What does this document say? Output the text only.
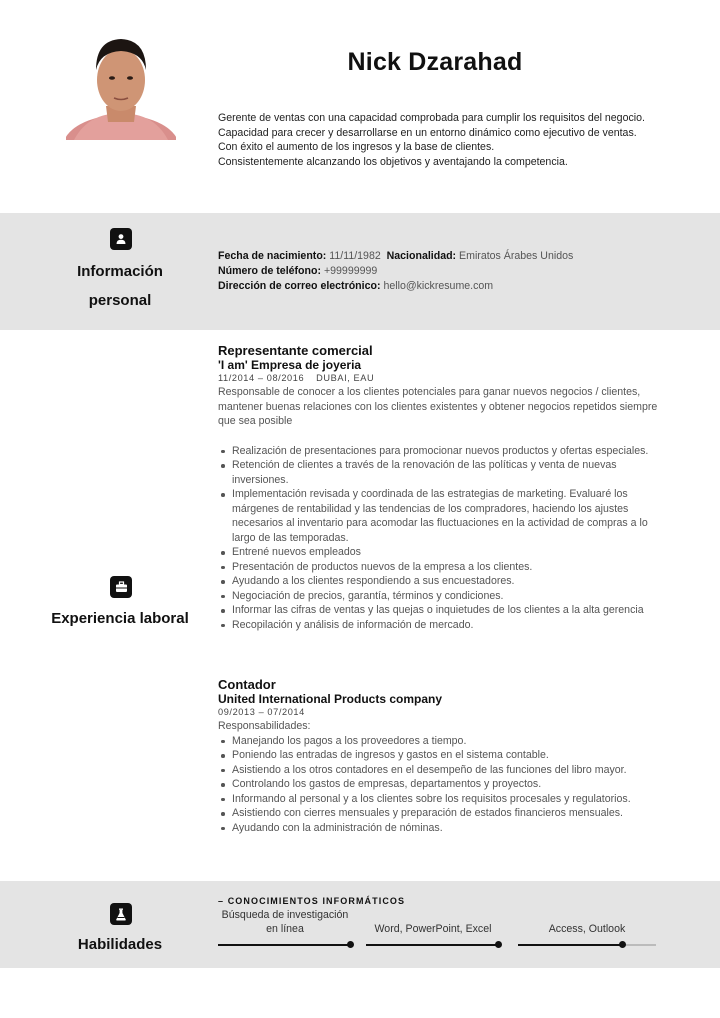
Nick Dzarahad
Gerente de ventas con una capacidad comprobada para cumplir los requisitos del negocio.
Capacidad para crecer y desarrollarse en un entorno dinámico como ejecutivo de ventas.
Con éxito el aumento de los ingresos y la base de clientes.
Consistentemente alcanzando los objetivos y aventajando la competencia.
Información
personal
Fecha de nacimiento: 11/11/1982 Nacionalidad: Emiratos Árabes Unidos
Número de teléfono: +99999999
Dirección de correo electrónico: hello@kickresume.com
Experiencia laboral
Representante comercial
'I am' Empresa de joyeria
11/2014 – 08/2016 DUBAI, EAU
Responsable de conocer a los clientes potenciales para ganar nuevos negocios / clientes, mantener buenas relaciones con los clientes existentes y obtener negocios repetidos siempre que sea posible
Realización de presentaciones para promocionar nuevos productos y ofertas especiales.
Retención de clientes a través de la renovación de las políticas y venta de nuevas inversiones.
Implementación revisada y coordinada de las estrategias de marketing. Evaluaré los márgenes de rentabilidad y las tendencias de los compradores, haciendo los ajustes necesarios al inventario para acomodar las fluctuaciones en la actividad de compras a lo largo de las temporadas.
Entrené nuevos empleados
Presentación de productos nuevos de la empresa a los clientes.
Ayudando a los clientes respondiendo a sus encuestadores.
Negociación de precios, garantía, términos y condiciones.
Informar las cifras de ventas y las quejas o inquietudes de los clientes a la alta gerencia
Recopilación y análisis de información de mercado.
Contador
United International Products company
09/2013 – 07/2014
Responsabilidades:
Manejando los pagos a los proveedores a tiempo.
Poniendo las entradas de ingresos y gastos en el sistema contable.
Asistiendo a los otros contadores en el desempeño de las funciones del libro mayor.
Controlando los gastos de empresas, departamentos y proyectos.
Informando al personal y a los clientes sobre los requisitos procesales y regulatorios.
Asistiendo con cierres mensuales y preparación de estados financieros mensuales.
Ayudando con la administración de nóminas.
Habilidades
– CONOCIMIENTOS INFORMÁTICOS
Búsqueda de investigación en línea	Word, PowerPoint, Excel	Access, Outlook
